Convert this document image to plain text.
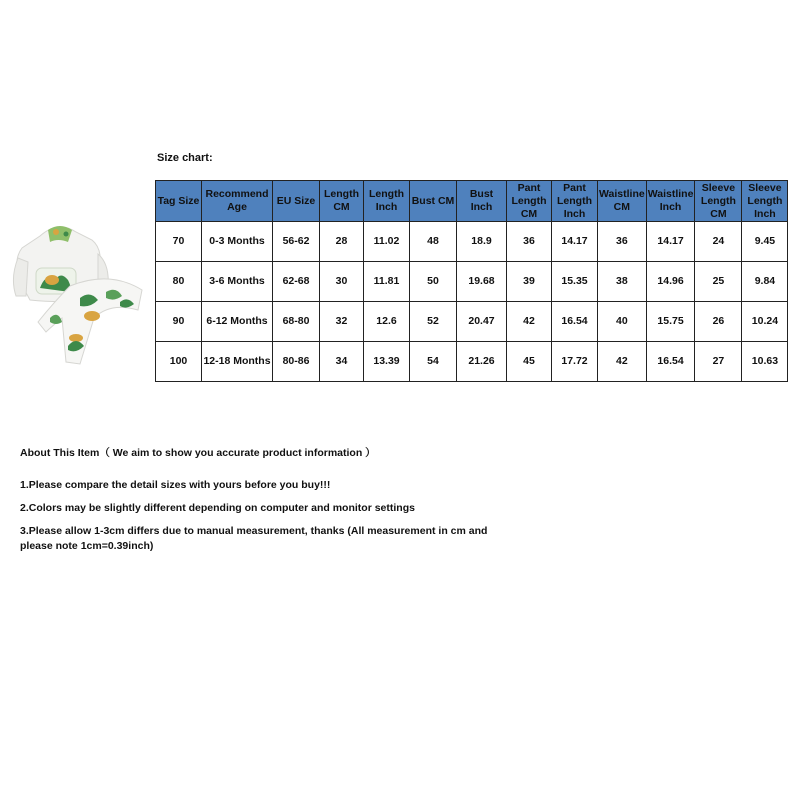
Size chart:
Tag Size	Recommend Age	EU Size	Length CM	Length Inch	Bust CM	Bust Inch	Pant Length CM	Pant Length Inch	Waistline CM	Waistline Inch	Sleeve Length CM	Sleeve Length Inch
70	0-3 Months	56-62	28	11.02	48	18.9	36	14.17	36	14.17	24	9.45
80	3-6 Months	62-68	30	11.81	50	19.68	39	15.35	38	14.96	25	9.84
90	6-12 Months	68-80	32	12.6	52	20.47	42	16.54	40	15.75	26	10.24
100	12-18 Months	80-86	34	13.39	54	21.26	45	17.72	42	16.54	27	10.63
About This Item（ We aim to show you accurate product information ）
1.Please compare the detail sizes with yours before you buy!!!
2.Colors may be slightly different depending on computer and monitor settings
3.Please allow 1-3cm differs due to manual measurement, thanks (All measurement in cm and please note 1cm=0.39inch)
